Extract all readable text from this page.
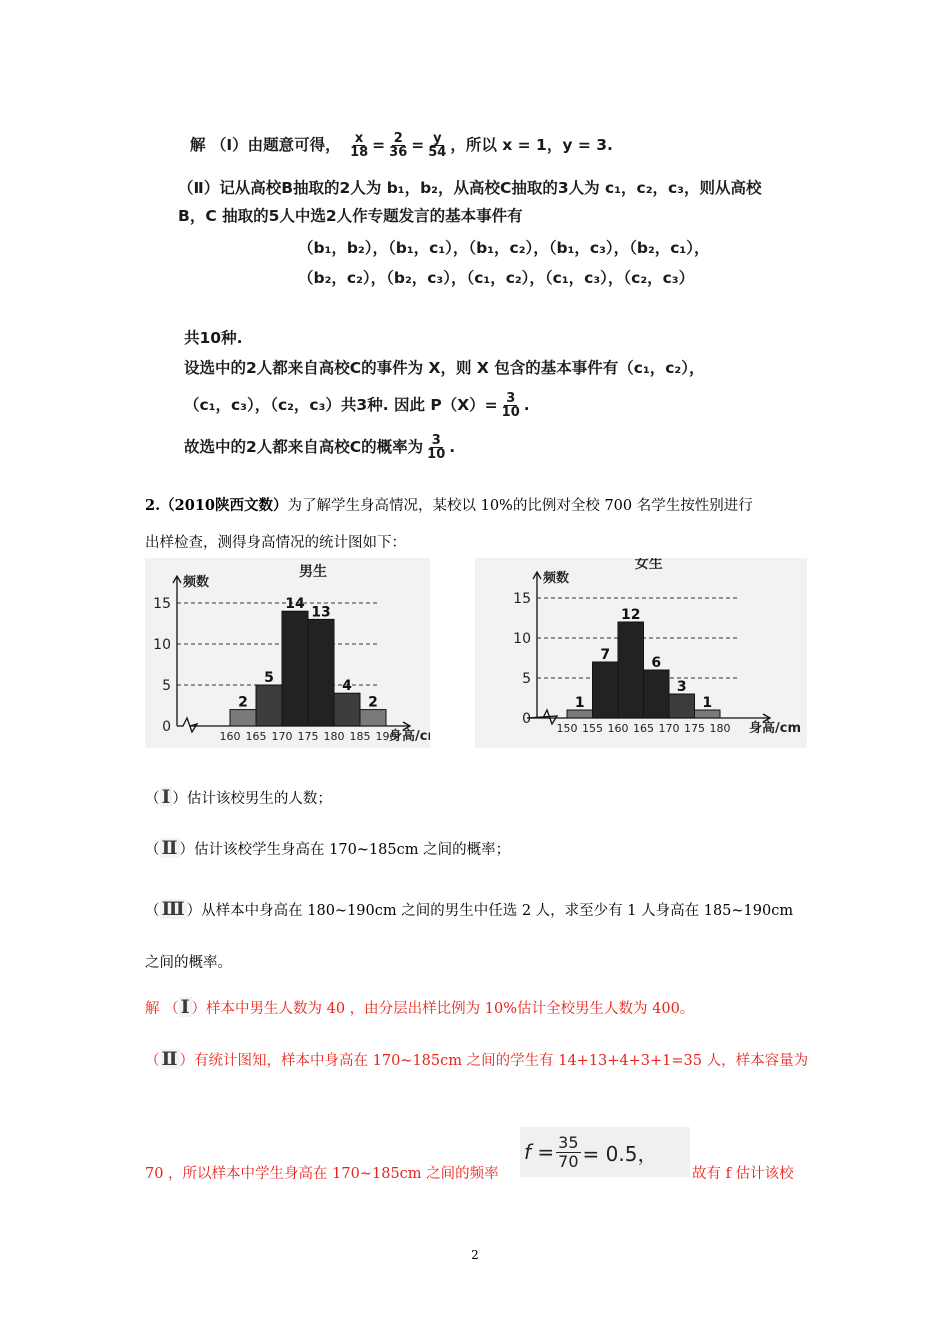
解 （Ⅰ）由题意可得， $\frac{x}{18} = \frac{2}{36} = \frac{y}{54}$ ，所以 x = 1，y = 3.
（Ⅱ）记从高校B抽取的2人为 b₁，b₂，从高校C抽取的3人为 c₁，c₂，c₃，则从高校
B，C 抽取的5人中选2人作专题发言的基本事件有
（b₁，b₂），（b₁，c₁），（b₁，c₂），（b₁，c₃），（b₂，c₁），
（b₂，c₂），（b₂，c₃），（c₁，c₂），（c₁，c₃），（c₂，c₃）
共10种.
设选中的2人都来自高校C的事件为 X，则 X 包含的基本事件有（c₁，c₂），
（c₁，c₃），（c₂，c₃）共3种. 因此 $P(X)= \frac{3}{10}$ .
故选中的2人都来自高校C的概率为 $\frac{3}{10}$ .
2.（2010陕西文数）为了解学生身高情况，某校以 10%的比例对全校 700 名学生按性别进行
出样检查，测得身高情况的统计图如下：
男生
频数
0
5
10
15
2
5
14
13
4
2
160 165 170 175 180 185 190
身高/c
女生
频数
0
5
10
15
1
7
12
6
3
1
150 155 160 165 170 175 180 身高/cm
（ Ⅰ ）估计该校男生的人数；
（ Ⅱ ）估计该校学生身高在 170~185cm 之间的概率；
（ Ⅲ ）从样本中身高在 180~190cm 之间的男生中任选 2 人，求至少有 1 人身高在 185~190cm
之间的概率。
解 （ Ⅰ ）样本中男生人数为 40 ，由分层出样比例为 10%估计全校男生人数为 400。
（ Ⅱ ）有统计图知，样本中身高在 170~185cm 之间的学生有 14+13+4+3+1=35 人，样本容量为
70 ，所以样本中学生身高在 170~185cm 之间的频率
$f = \frac{35}{70} = 0.5$，
故有 f 估计该校
2
